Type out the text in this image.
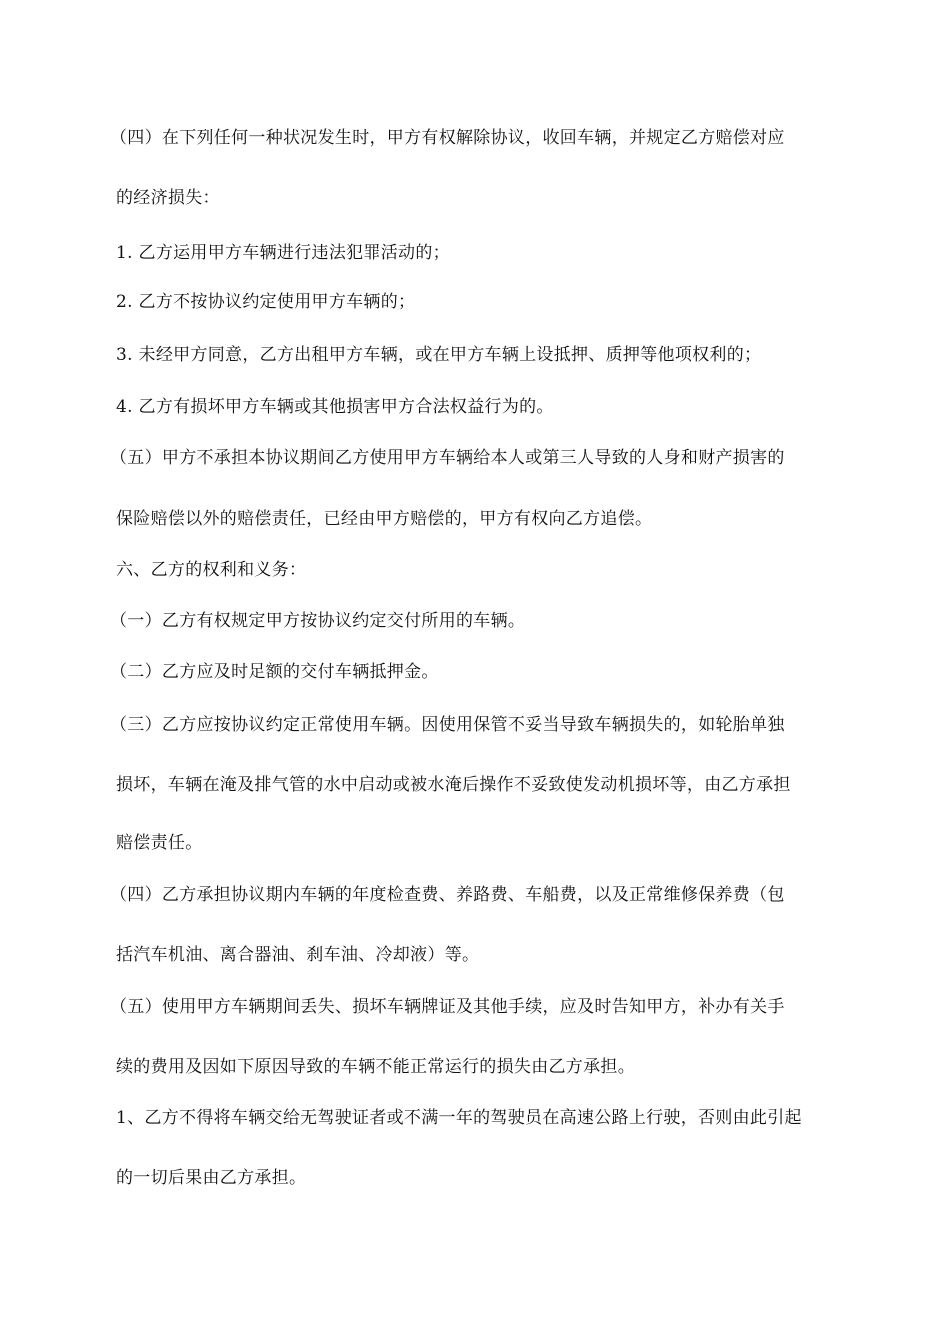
（四）在下列任何一种状况发生时，甲方有权解除协议，收回车辆，并规定乙方赔偿对应
的经济损失：
1. 乙方运用甲方车辆进行违法犯罪活动的；
2. 乙方不按协议约定使用甲方车辆的；
3. 未经甲方同意，乙方出租甲方车辆，或在甲方车辆上设抵押、质押等他项权利的；
4. 乙方有损坏甲方车辆或其他损害甲方合法权益行为的。
（五）甲方不承担本协议期间乙方使用甲方车辆给本人或第三人导致的人身和财产损害的
保险赔偿以外的赔偿责任，已经由甲方赔偿的，甲方有权向乙方追偿。
六、乙方的权利和义务：
（一）乙方有权规定甲方按协议约定交付所用的车辆。
（二）乙方应及时足额的交付车辆抵押金。
（三）乙方应按协议约定正常使用车辆。因使用保管不妥当导致车辆损失的，如轮胎单独
损坏，车辆在淹及排气管的水中启动或被水淹后操作不妥致使发动机损坏等，由乙方承担
赔偿责任。
（四）乙方承担协议期内车辆的年度检查费、养路费、车船费，以及正常维修保养费（包
括汽车机油、离合器油、刹车油、冷却液）等。
（五）使用甲方车辆期间丢失、损坏车辆牌证及其他手续，应及时告知甲方，补办有关手
续的费用及因如下原因导致的车辆不能正常运行的损失由乙方承担。
1、乙方不得将车辆交给无驾驶证者或不满一年的驾驶员在高速公路上行驶，否则由此引起
的一切后果由乙方承担。
